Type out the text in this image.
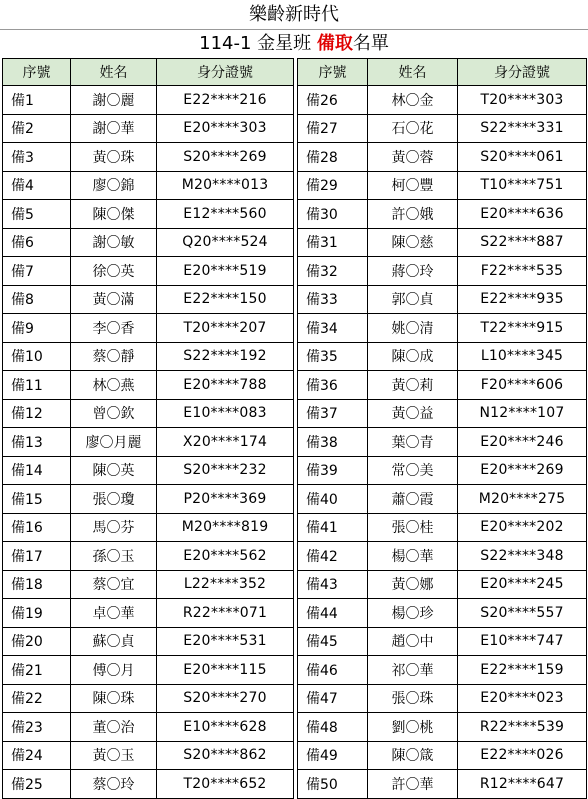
樂齡新時代
114-1 金星班 備取名單
序號	姓名	身分證號
備1	謝〇麗	E22****216
備2	謝〇華	E20****303
備3	黃〇珠	S20****269
備4	廖〇錦	M20****013
備5	陳〇傑	E12****560
備6	謝〇敏	Q20****524
備7	徐〇英	E20****519
備8	黃〇滿	E22****150
備9	李〇香	T20****207
備10	蔡〇靜	S22****192
備11	林〇燕	E20****788
備12	曾〇欽	E10****083
備13	廖〇月麗	X20****174
備14	陳〇英	S20****232
備15	張〇瓊	P20****369
備16	馬〇芬	M20****819
備17	孫〇玉	E20****562
備18	蔡〇宜	L22****352
備19	卓〇華	R22****071
備20	蘇〇貞	E20****531
備21	傅〇月	E20****115
備22	陳〇珠	S20****270
備23	董〇治	E10****628
備24	黃〇玉	S20****862
備25	蔡〇玲	T20****652
序號	姓名	身分證號
備26	林〇金	T20****303
備27	石〇花	S22****331
備28	黃〇蓉	S20****061
備29	柯〇豐	T10****751
備30	許〇娥	E20****636
備31	陳〇慈	S22****887
備32	蔣〇玲	F22****535
備33	郭〇貞	E22****935
備34	姚〇清	T22****915
備35	陳〇成	L10****345
備36	黃〇莉	F20****606
備37	黃〇益	N12****107
備38	葉〇青	E20****246
備39	常〇美	E20****269
備40	蕭〇霞	M20****275
備41	張〇桂	E20****202
備42	楊〇華	S22****348
備43	黃〇娜	E20****245
備44	楊〇珍	S20****557
備45	趙〇中	E10****747
備46	祁〇華	E22****159
備47	張〇珠	E20****023
備48	劉〇桃	R22****539
備49	陳〇箴	E22****026
備50	許〇華	R12****647
